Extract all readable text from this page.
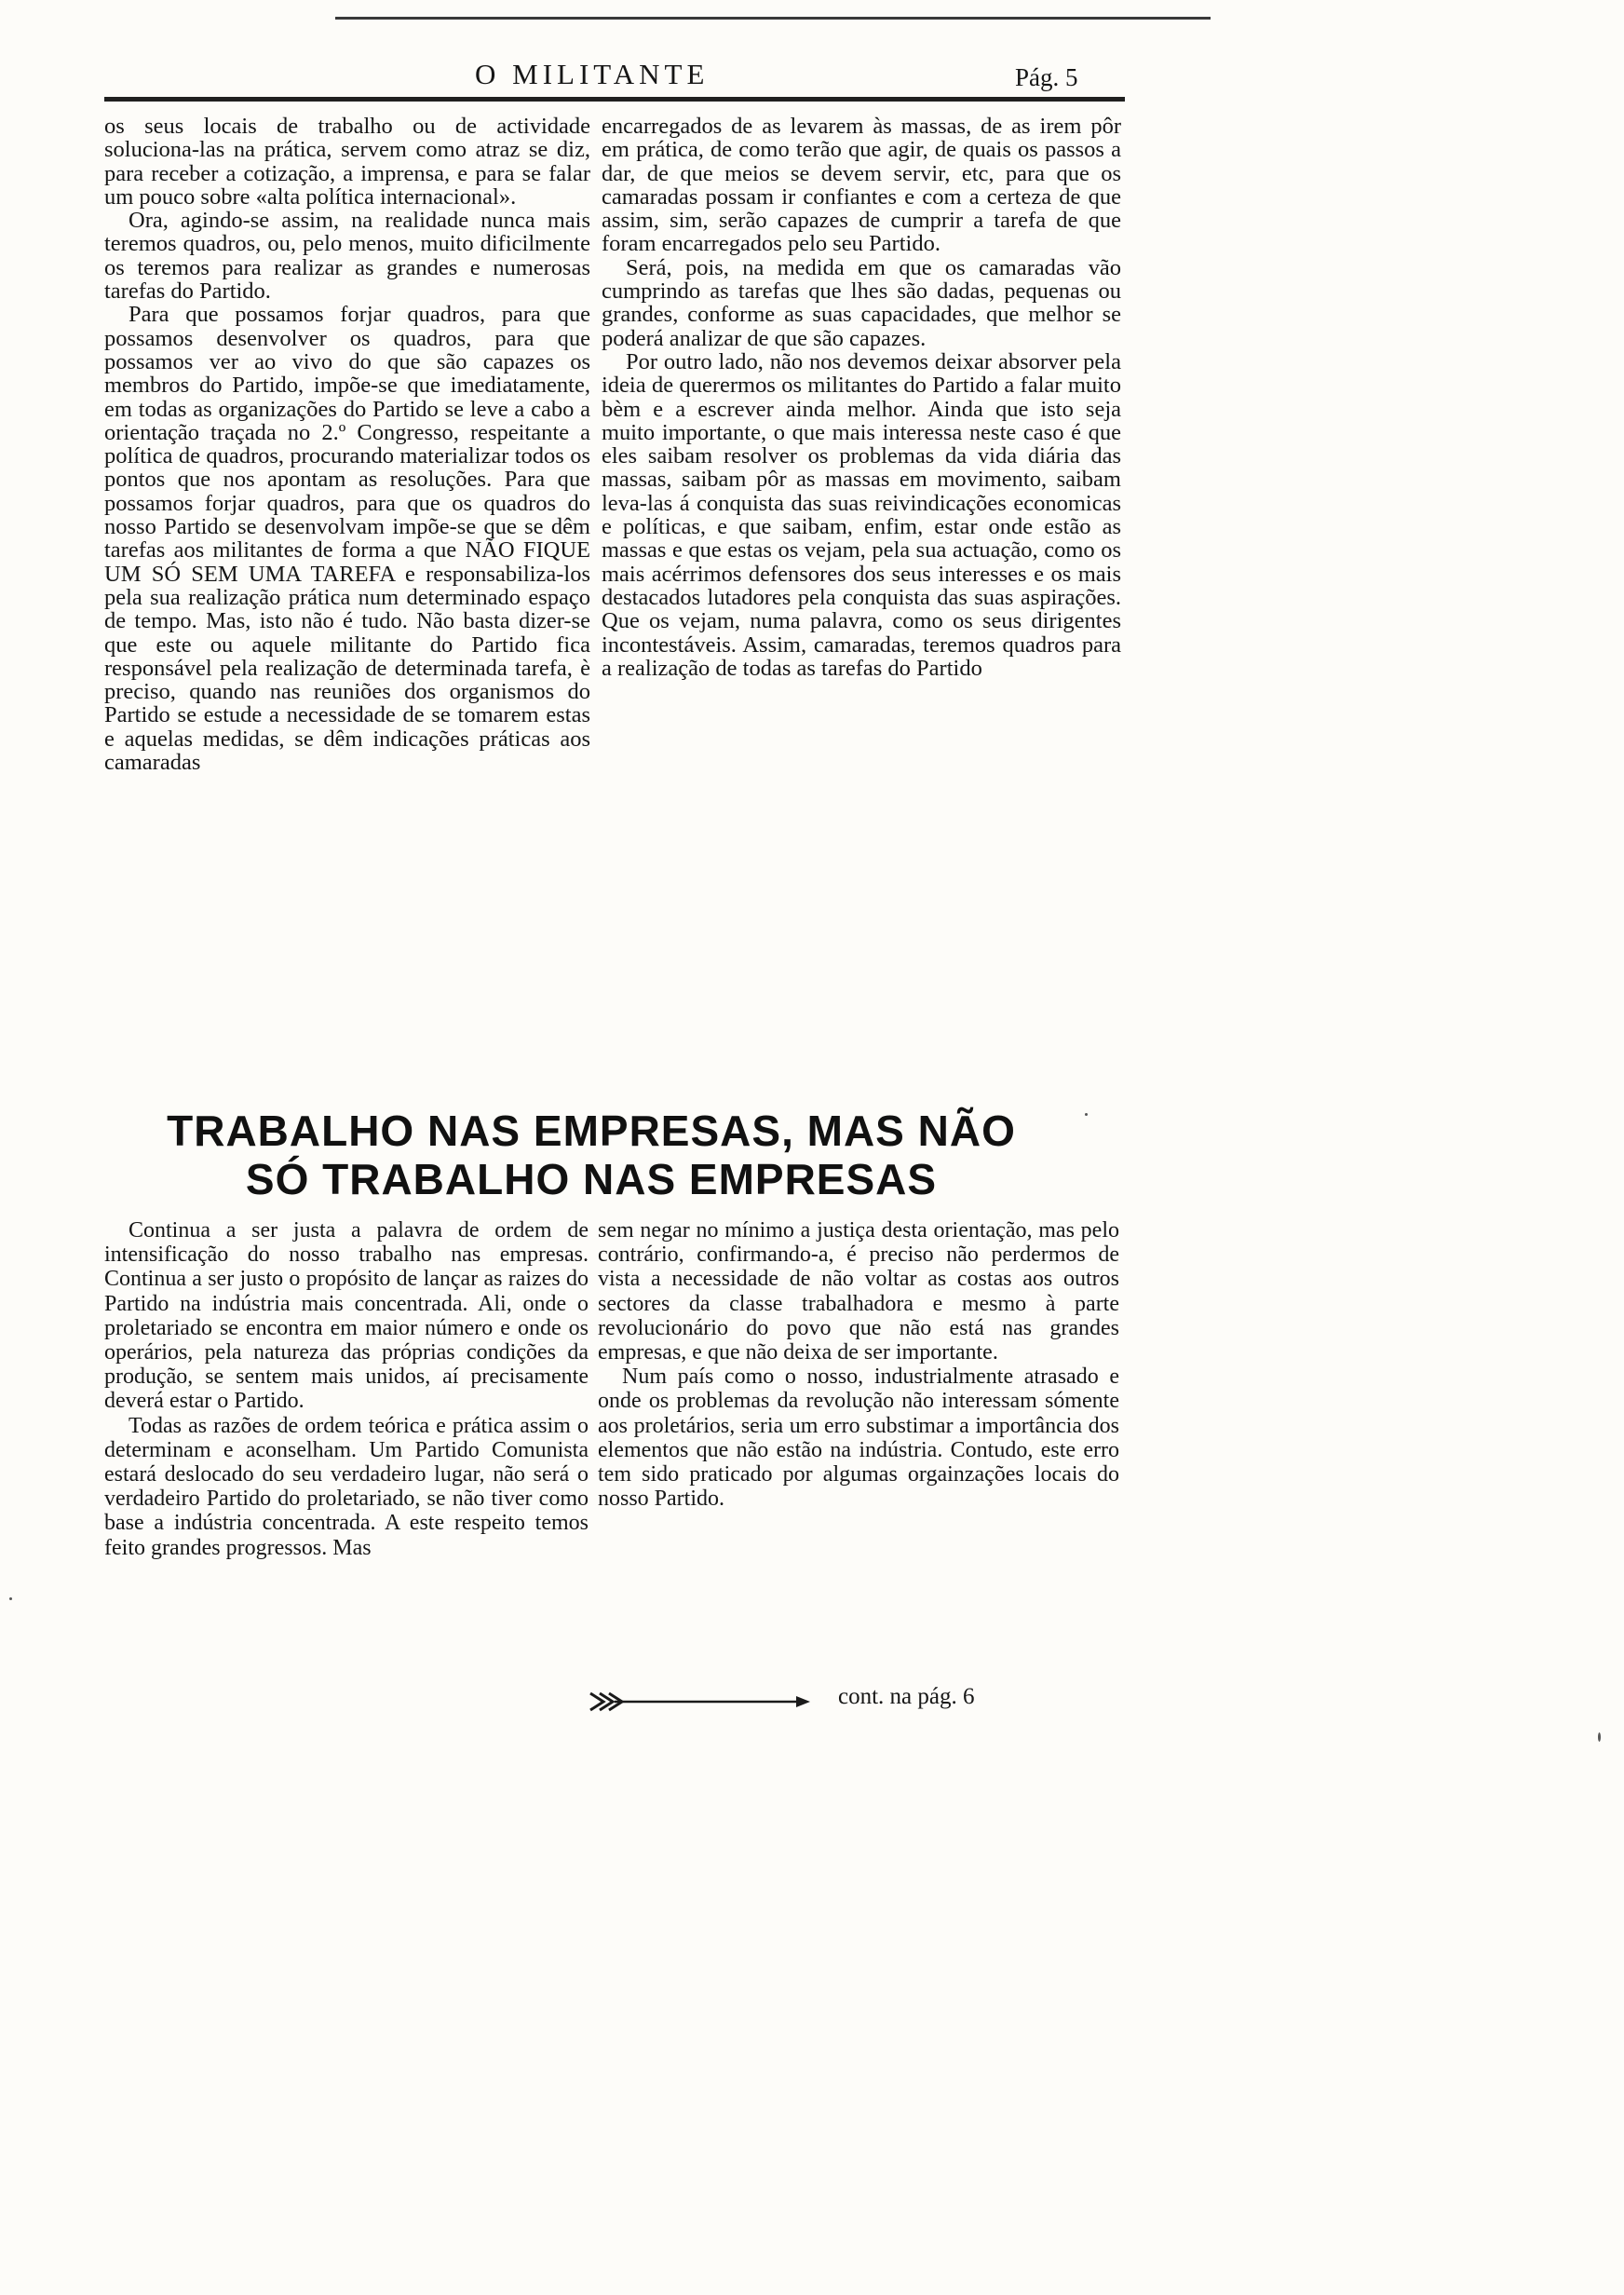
O MILITANTE	Pág. 5

os seus locais de trabalho ou de actividade soluciona-las na prática, servem como atraz se diz, para receber a cotização, a imprensa, e para se falar um pouco sobre «alta política internacional».

Ora, agindo-se assim, na realidade nunca mais teremos quadros, ou, pelo menos, muito dificilmente os teremos para realizar as grandes e numerosas tarefas do Partido.

Para que possamos forjar quadros, para que possamos desenvolver os quadros, para que possamos ver ao vivo do que são capazes os membros do Partido, impõe-se que imediatamente, em todas as organizações do Partido se leve a cabo a orientação traçada no 2.º Congresso, respeitante a política de quadros, procurando materializar todos os pontos que nos apontam as resoluções. Para que possamos forjar quadros, para que os quadros do nosso Partido se desenvolvam impõe-se que se dêm tarefas aos militantes de forma a que NÃO FIQUE UM SÓ SEM UMA TAREFA e responsabiliza-los pela sua realização prática num determinado espaço de tempo. Mas, isto não é tudo. Não basta dizer-se que este ou aquele militante do Partido fica responsável pela realização de determinada tarefa, è preciso, quando nas reuniões dos organismos do Partido se estude a necessidade de se tomarem estas e aquelas medidas, se dêm indicações práticas aos camaradas

encarregados de as levarem às massas, de as irem pôr em prática, de como terão que agir, de quais os passos a dar, de que meios se devem servir, etc, para que os camaradas possam ir confiantes e com a certeza de que assim, sim, serão capazes de cumprir a tarefa de que foram encarregados pelo seu Partido.

Será, pois, na medida em que os camaradas vão cumprindo as tarefas que lhes são dadas, pequenas ou grandes, conforme as suas capacidades, que melhor se poderá analizar de que são capazes.

Por outro lado, não nos devemos deixar absorver pela ideia de querermos os militantes do Partido a falar muito bèm e a escrever ainda melhor. Ainda que isto seja muito importante, o que mais interessa neste caso é que eles saibam resolver os problemas da vida diária das massas, saibam pôr as massas em movimento, saibam leva-las á conquista das suas reivindicações economicas e políticas, e que saibam, enfim, estar onde estão as massas e que estas os vejam, pela sua actuação, como os mais acérrimos defensores dos seus interesses e os mais destacados lutadores pela conquista das suas aspirações. Que os vejam, numa palavra, como os seus dirigentes incontestáveis. Assim, camaradas, teremos quadros para a realização de todas as tarefas do Partido

TRABALHO NAS EMPRESAS, MAS NÃO
SÓ TRABALHO NAS EMPRESAS

Continua a ser justa a palavra de ordem de intensificação do nosso trabalho nas empresas. Continua a ser justo o propósito de lançar as raizes do Partido na indústria mais concentrada. Ali, onde o proletariado se encontra em maior número e onde os operários, pela natureza das próprias condições da produção, se sentem mais unidos, aí precisamente deverá estar o Partido.

Todas as razões de ordem teórica e prática assim o determinam e aconselham. Um Partido Comunista estará deslocado do seu verdadeiro lugar, não será o verdadeiro Partido do proletariado, se não tiver como base a indústria concentrada. A este respeito temos feito grandes progressos. Mas

sem negar no mínimo a justiça desta orientação, mas pelo contrário, confirmando-a, é preciso não perdermos de vista a necessidade de não voltar as costas aos outros sectores da classe trabalhadora e mesmo à parte revolucionário do povo que não está nas grandes empresas, e que não deixa de ser importante.

Num país como o nosso, industrialmente atrasado e onde os problemas da revolução não interessam sómente aos proletários, seria um erro substimar a importância dos elementos que não estão na indústria. Contudo, este erro tem sido praticado por algumas orgainzações locais do nosso Partido.

cont. na pág. 6
